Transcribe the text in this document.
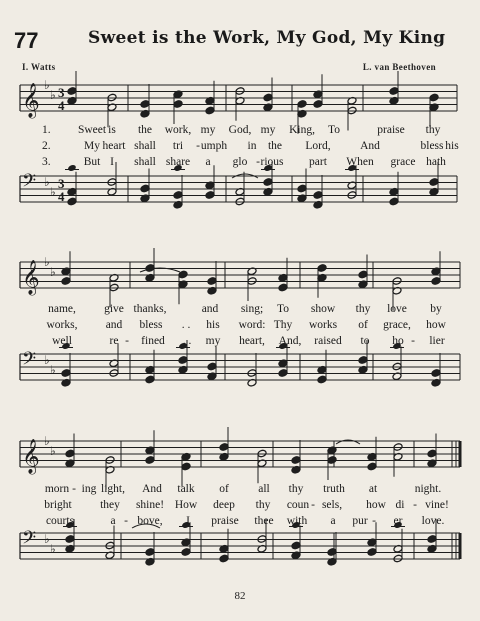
𝄞 ♭
♭ 3
4
𝄢 ♭
♭
3
4
𝄞 ♭
♭
𝄢 ♭
♭
𝄞 ♭
♭
𝄢 ♭
♭
77	Sweet is the Work, My God, My King
I. Watts	L. van Beethoven
1. Sweet is the work, my God, my King, To	praise thy
2.	My heart shall tri - umph in the Lord,	And	bless his
3.	But I shall share a glo - rious part When grace hath
name, give thanks,	and sing; To show thy love by
works, and bless . . his word: Thy works of grace, how
well	re - fined . . my heart, And, raised to ho - lier
morn - ing light, And talk of	all thy truth at	night.
bright they shine! How deep thy coun - sels, how di - vine!
courts	a - bove, I praise thee with a pur - er love.
82
